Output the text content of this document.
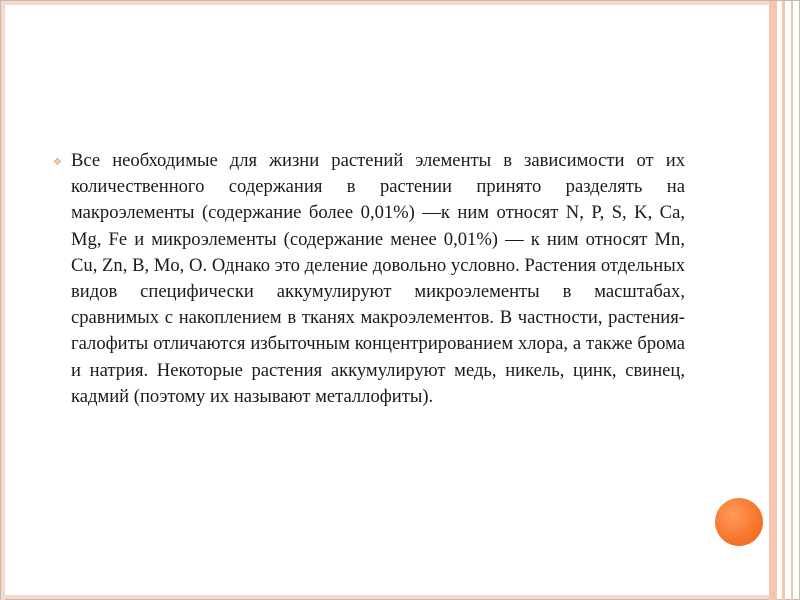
❖ Все необходимые для жизни растений элементы в зависимости от их количественного содержания в растении принято разделять на макроэлементы (содержание более 0,01%) —к ним относят N, P, S, K, Ca, Mg, Fe и микроэлементы (содержание менее 0,01%) — к ним относят Mn, Cu, Zn, B, Mo, O. Однако это деление довольно условно. Растения отдельных видов специфически аккумулируют микроэлементы в масштабах, сравнимых с накоплением в тканях макроэлементов. В частности, растения-галофиты отличаются избыточным концентрированием хлора, а также брома и натрия. Некоторые растения аккумулируют медь, никель, цинк, свинец, кадмий (поэтому их называют металлофиты).
